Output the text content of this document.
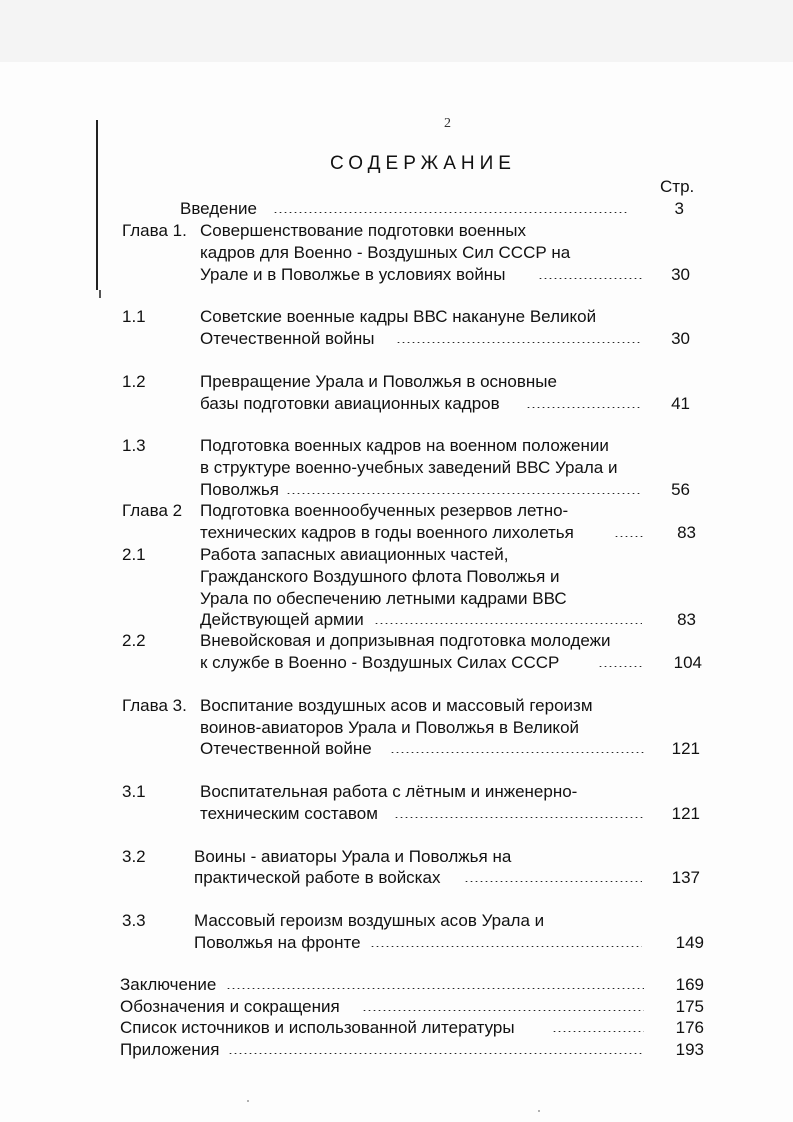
2
СОДЕРЖАНИЕ
Стр.
Введение	3
Глава 1. Совершенствование подготовки военных
кадров для Военно - Воздушных Сил СССР на
Урале и в Поволжье в условиях войны	30
1.1	Советские военные кадры ВВС накануне Великой
Отечественной войны	30
1.2	Превращение Урала и Поволжья в основные
базы подготовки авиационных кадров	41
1.3	Подготовка военных кадров на военном положении
в структуре военно-учебных заведений ВВС Урала и
Поволжья	56
Глава 2 Подготовка военнообученных резервов летно-
технических кадров в годы военного лихолетья	83
2.1	Работа запасных авиационных частей,
Гражданского Воздушного флота Поволжья и
Урала по обеспечению летными кадрами ВВС
Действующей армии	83
2.2	Вневойсковая и допризывная подготовка молодежи
к службе в Военно - Воздушных Силах СССР	104
Глава 3. Воспитание воздушных асов и массовый героизм
воинов-авиаторов Урала и Поволжья в Великой
Отечественной войне	121
3.1	Воспитательная работа с лётным и инженерно-
техническим составом	121
3.2	Воины - авиаторы Урала и Поволжья на
практической работе в войсках	137
3.3	Массовый героизм воздушных асов Урала и
Поволжья на фронте	149
Заключение	169
Обозначения и сокращения	175
Список источников и использованной литературы	176
Приложения	193
